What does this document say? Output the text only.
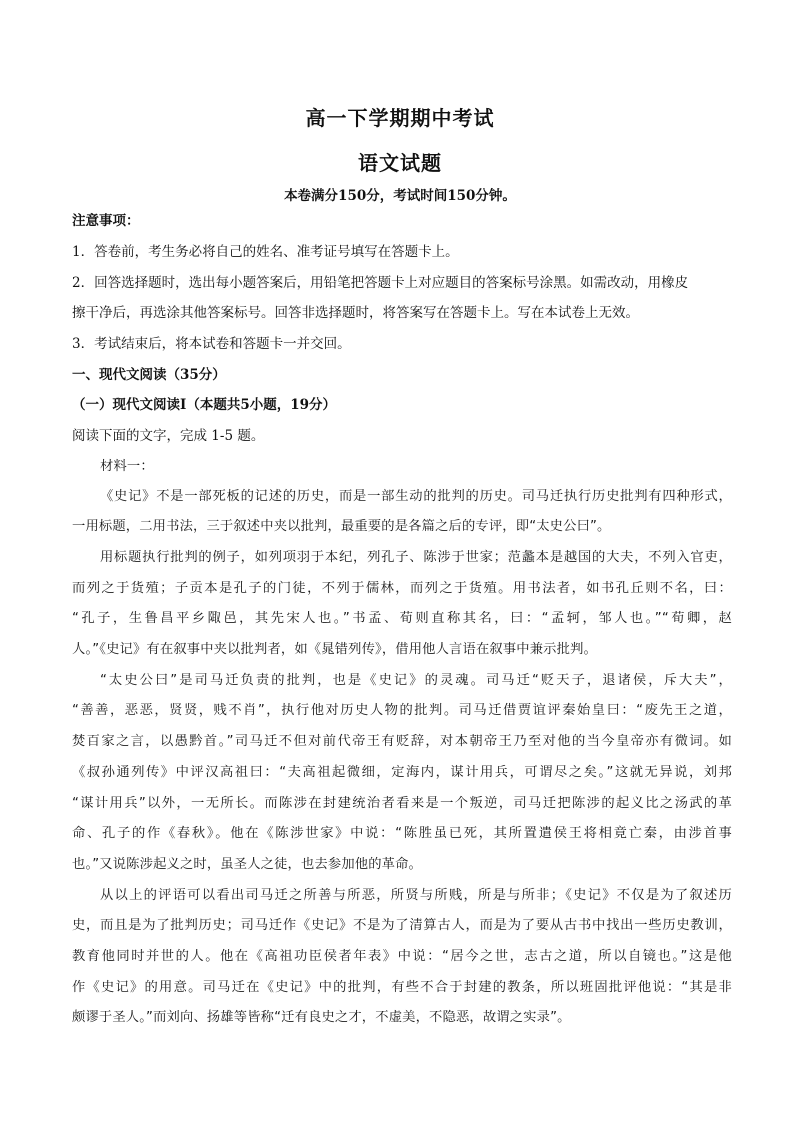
高一下学期期中考试
语文试题
本卷满分150分，考试时间150分钟。
注意事项：
1．答卷前，考生务必将自己的姓名、准考证号填写在答题卡上。
2．回答选择题时，选出每小题答案后，用铅笔把答题卡上对应题目的答案标号涂黑。如需改动，用橡皮
擦干净后，再选涂其他答案标号。回答非选择题时，将答案写在答题卡上。写在本试卷上无效。
3．考试结束后，将本试卷和答题卡一并交回。
一、现代文阅读（35分）
（一）现代文阅读Ⅰ（本题共5小题，19分）
阅读下面的文字，完成 1-5 题。
材料一：
《史记》不是一部死板的记述的历史，而是一部生动的批判的历史。司马迁执行历史批判有四种形式，
一用标题，二用书法，三于叙述中夹以批判，最重要的是各篇之后的专评，即“太史公曰”。
用标题执行批判的例子，如列项羽于本纪，列孔子、陈涉于世家；范蠡本是越国的大夫，不列入官吏，
而列之于货殖；子贡本是孔子的门徒，不列于儒林，而列之于货殖。用书法者，如书孔丘则不名，曰：
“孔子，生鲁昌平乡陬邑，其先宋人也。”书孟、荀则直称其名，曰：“孟轲，邹人也。”“荀卿，赵
人。”《史记》有在叙事中夹以批判者，如《晁错列传》，借用他人言语在叙事中兼示批判。
“太史公曰”是司马迁负责的批判，也是《史记》的灵魂。司马迁“贬天子，退诸侯，斥大夫”，
“善善，恶恶，贤贤，贱不肖”，执行他对历史人物的批判。司马迁借贾谊评秦始皇曰：“废先王之道，
焚百家之言，以愚黔首。”司马迁不但对前代帝王有贬辞，对本朝帝王乃至对他的当今皇帝亦有微词。如
《叔孙通列传》中评汉高祖曰：“夫高祖起微细，定海内，谋计用兵，可谓尽之矣。”这就无异说，刘邦
“谋计用兵”以外，一无所长。而陈涉在封建统治者看来是一个叛逆，司马迁把陈涉的起义比之汤武的革
命、孔子的作《春秋》。他在《陈涉世家》中说：“陈胜虽已死，其所置遣侯王将相竟亡秦，由涉首事
也。”又说陈涉起义之时，虽圣人之徒，也去参加他的革命。
从以上的评语可以看出司马迁之所善与所恶，所贤与所贱，所是与所非；《史记》不仅是为了叙述历
史，而且是为了批判历史；司马迁作《史记》不是为了清算古人，而是为了要从古书中找出一些历史教训，
教育他同时并世的人。他在《高祖功臣侯者年表》中说：“居今之世，志古之道，所以自镜也。”这是他
作《史记》的用意。司马迁在《史记》中的批判，有些不合于封建的教条，所以班固批评他说：“其是非
颇谬于圣人。”而刘向、扬雄等皆称“迁有良史之才，不虚美，不隐恶，故谓之实录”。
